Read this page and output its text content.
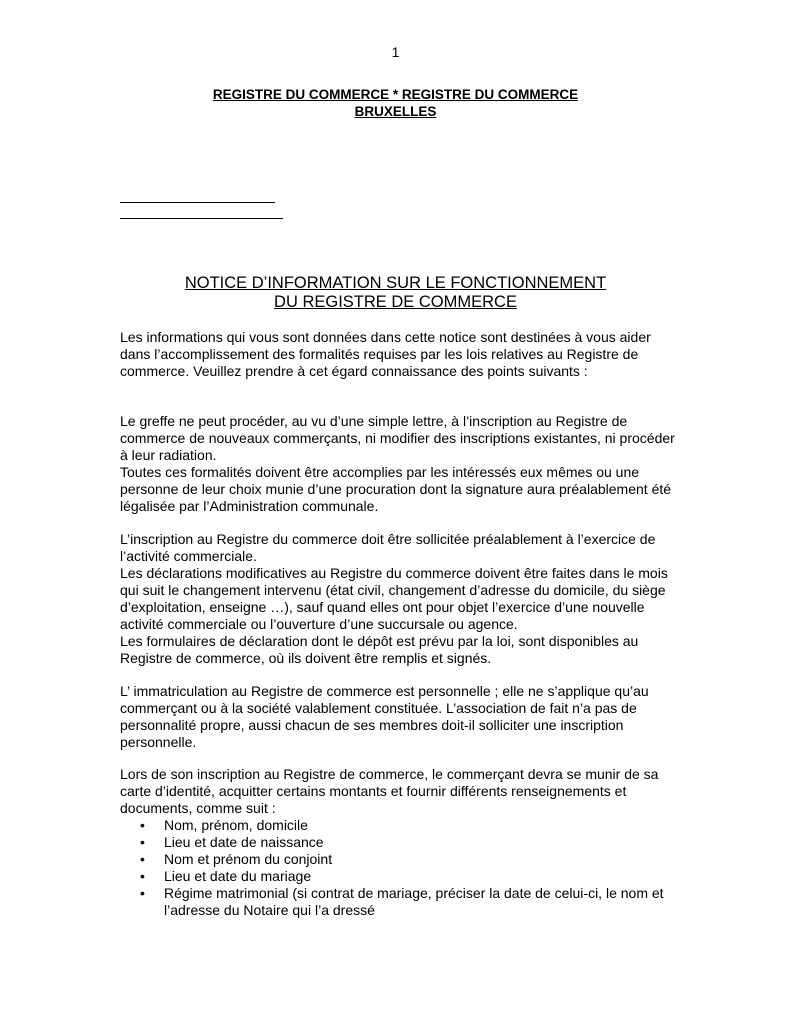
1
REGISTRE DU COMMERCE * REGISTRE DU COMMERCE
BRUXELLES
NOTICE D’INFORMATION SUR LE FONCTIONNEMENT
DU REGISTRE DE COMMERCE

Les informations qui vous sont données dans cette notice sont destinées à vous aider dans l’accomplissement des formalités requises par les lois relatives au Registre de commerce. Veuillez prendre à cet égard connaissance des points suivants :

Le greffe ne peut procéder, au vu d’une simple lettre, à l’inscription au Registre de commerce de nouveaux commerçants, ni modifier des inscriptions existantes, ni procéder à leur radiation.

Toutes ces formalités doivent être accomplies par les intéressés eux mêmes ou une personne de leur choix munie d’une procuration dont la signature aura préalablement été légalisée par l’Administration communale.

L’inscription au Registre du commerce doit être sollicitée préalablement à l’exercice de l’activité commerciale.

Les déclarations modificatives au Registre du commerce doivent être faites dans le mois qui suit le changement intervenu (état civil, changement d’adresse du domicile, du siège d’exploitation, enseigne …), sauf quand elles ont pour objet l’exercice d’une nouvelle activité commerciale ou l’ouverture d’une succursale ou agence.

Les formulaires de déclaration dont le dépôt est prévu par la loi, sont disponibles au Registre de commerce, où ils doivent être remplis et signés.

L’ immatriculation au Registre de commerce est personnelle ; elle ne s’applique qu’au commerçant ou à la société valablement constituée. L’association de fait n’a pas de personnalité propre, aussi chacun de ses membres doit-il solliciter une inscription personnelle.

Lors de son inscription au Registre de commerce, le commerçant devra se munir de sa carte d’identité, acquitter certains montants et fournir différents renseignements et documents, comme suit :

• Nom, prénom, domicile
• Lieu et date de naissance
• Nom et prénom du conjoint
• Lieu et date du mariage
• Régime matrimonial (si contrat de mariage, préciser la date de celui-ci, le nom et l’adresse du Notaire qui l’a dressé
